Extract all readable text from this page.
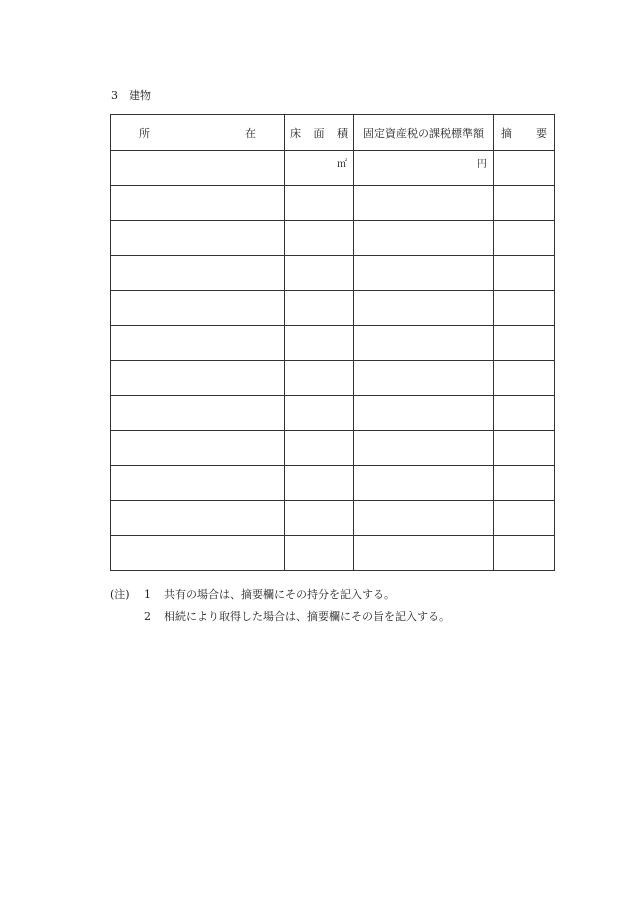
3　 建物
所 在	床 面 積	固定資産税の課税標準額	摘 要

	㎡	円	

(注)	1	共有の場合は、摘要欄にその持分を記入する。
2	相続により取得した場合は、摘要欄にその旨を記入する。
